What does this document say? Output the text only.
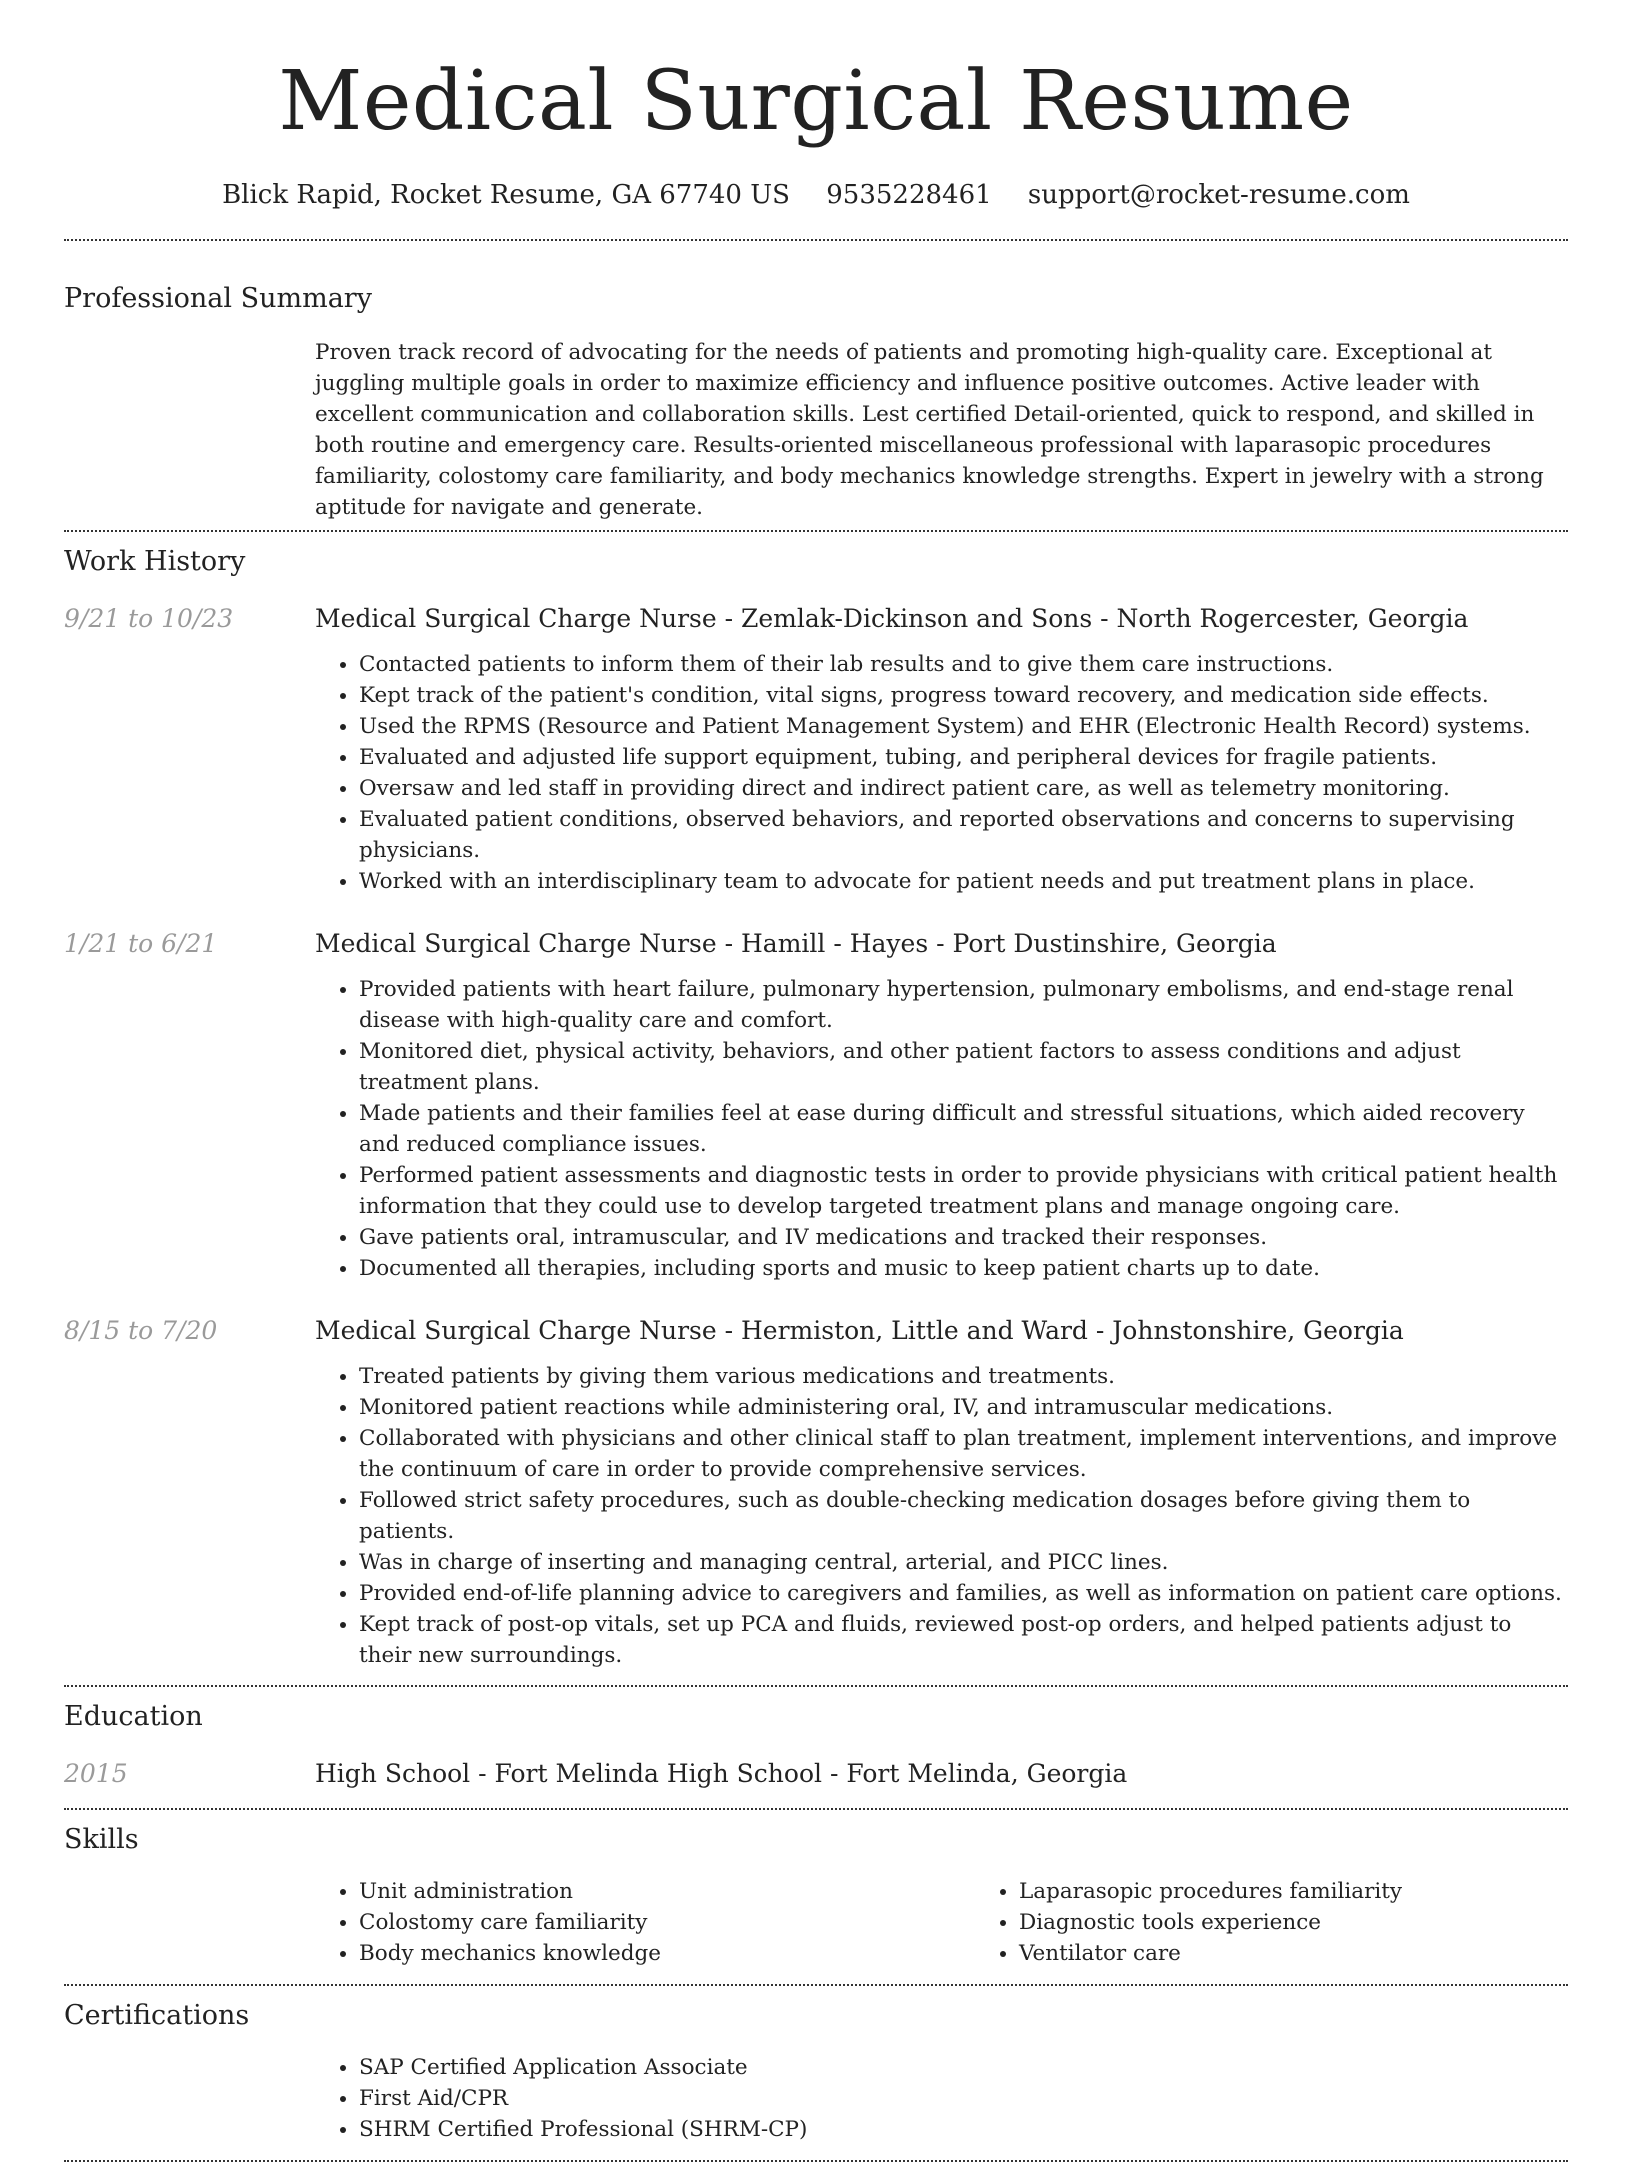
Medical Surgical Resume
Blick Rapid, Rocket Resume, GA 67740 US 9535228461 support@rocket-resume.com
Professional Summary

Proven track record of advocating for the needs of patients and promoting high-quality care. Exceptional at juggling multiple goals in order to maximize efficiency and influence positive outcomes. Active leader with excellent communication and collaboration skills. Lest certified Detail-oriented, quick to respond, and skilled in both routine and emergency care. Results-oriented miscellaneous professional with laparasopic procedures familiarity, colostomy care familiarity, and body mechanics knowledge strengths. Expert in jewelry with a strong aptitude for navigate and generate.

Work History
9/21 to 10/23	Medical Surgical Charge Nurse - Zemlak-Dickinson and Sons - North Rogercester, Georgia

• Contacted patients to inform them of their lab results and to give them care instructions.
• Kept track of the patient's condition, vital signs, progress toward recovery, and medication side effects.
• Used the RPMS (Resource and Patient Management System) and EHR (Electronic Health Record) systems.
• Evaluated and adjusted life support equipment, tubing, and peripheral devices for fragile patients.
• Oversaw and led staff in providing direct and indirect patient care, as well as telemetry monitoring.
• Evaluated patient conditions, observed behaviors, and reported observations and concerns to supervising physicians.
• Worked with an interdisciplinary team to advocate for patient needs and put treatment plans in place.
1/21 to 6/21	Medical Surgical Charge Nurse - Hamill - Hayes - Port Dustinshire, Georgia

• Provided patients with heart failure, pulmonary hypertension, pulmonary embolisms, and end-stage renal disease with high-quality care and comfort.
• Monitored diet, physical activity, behaviors, and other patient factors to assess conditions and adjust treatment plans.
• Made patients and their families feel at ease during difficult and stressful situations, which aided recovery and reduced compliance issues.
• Performed patient assessments and diagnostic tests in order to provide physicians with critical patient health information that they could use to develop targeted treatment plans and manage ongoing care.
• Gave patients oral, intramuscular, and IV medications and tracked their responses.
• Documented all therapies, including sports and music to keep patient charts up to date.
8/15 to 7/20	Medical Surgical Charge Nurse - Hermiston, Little and Ward - Johnstonshire, Georgia

• Treated patients by giving them various medications and treatments.
• Monitored patient reactions while administering oral, IV, and intramuscular medications.
• Collaborated with physicians and other clinical staff to plan treatment, implement interventions, and improve the continuum of care in order to provide comprehensive services.
• Followed strict safety procedures, such as double-checking medication dosages before giving them to patients.
• Was in charge of inserting and managing central, arterial, and PICC lines.
• Provided end-of-life planning advice to caregivers and families, as well as information on patient care options.
• Kept track of post-op vitals, set up PCA and fluids, reviewed post-op orders, and helped patients adjust to their new surroundings.
Education
2015	High School - Fort Melinda High School - Fort Melinda, Georgia

Skills
• Unit administration
• Colostomy care familiarity
• Body mechanics knowledge
• Laparasopic procedures familiarity
• Diagnostic tools experience
• Ventilator care
Certifications
• SAP Certified Application Associate
• First Aid/CPR
• SHRM Certified Professional (SHRM-CP)
